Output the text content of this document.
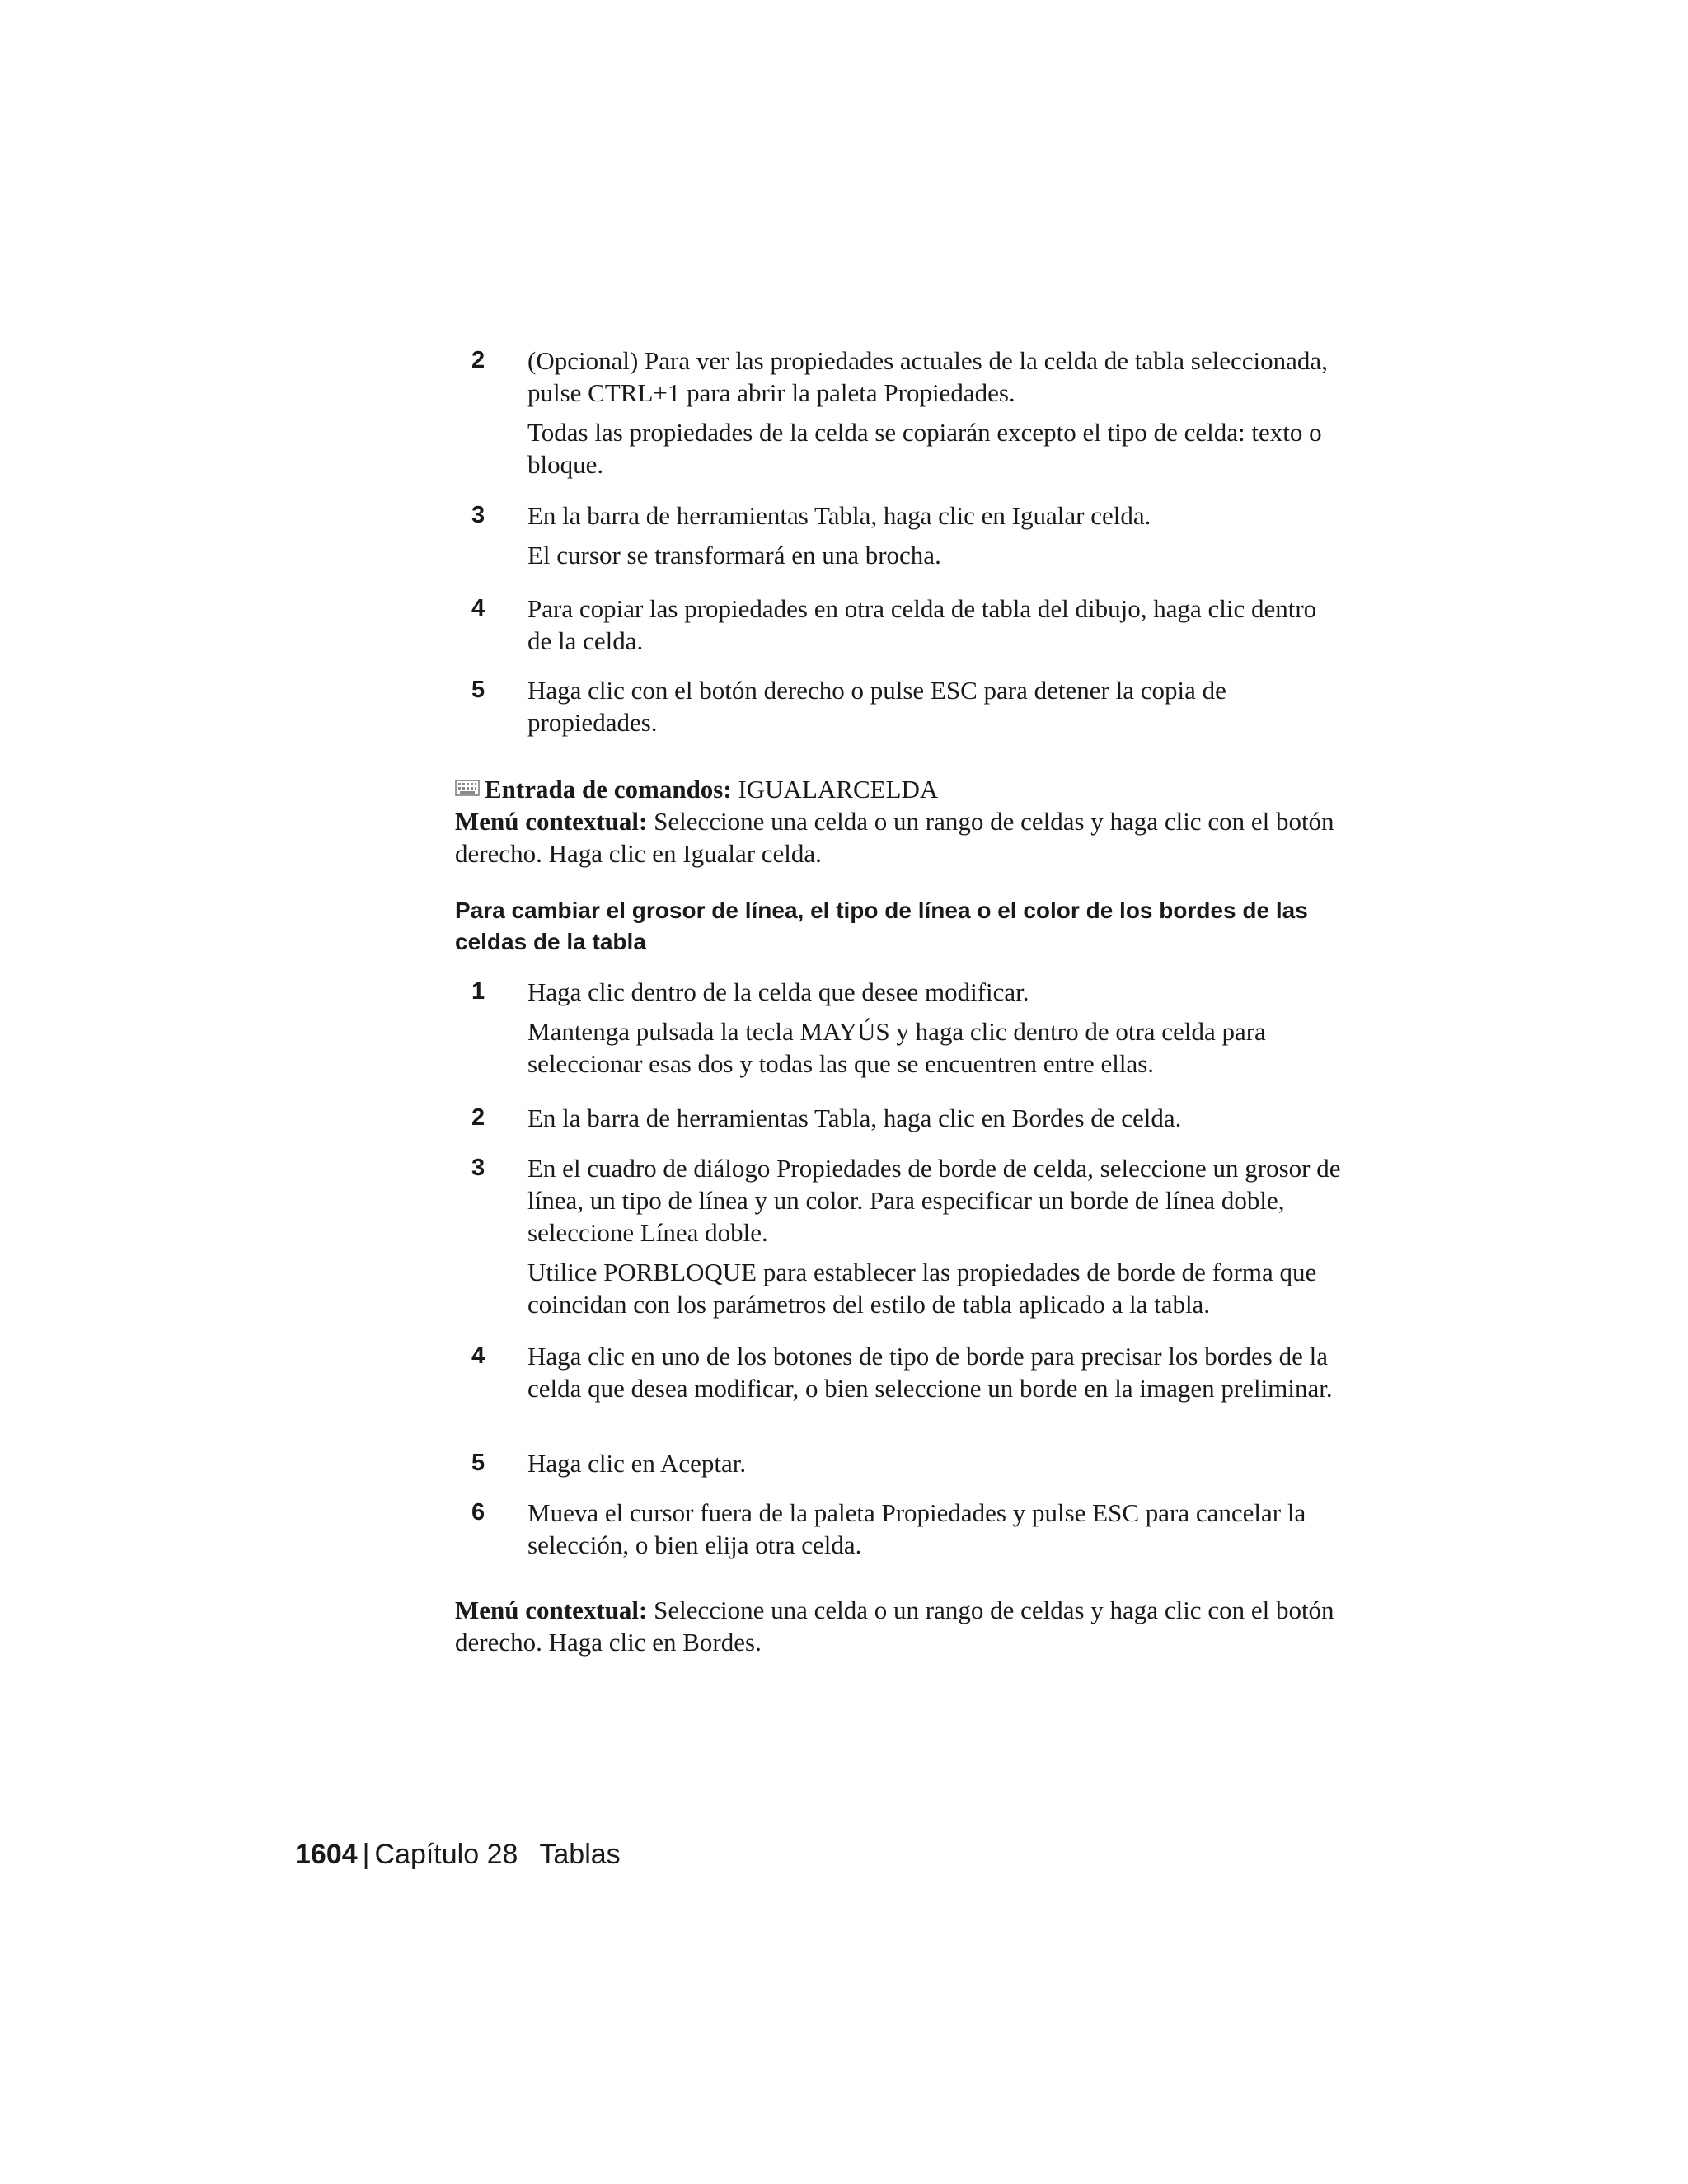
2	(Opcional) Para ver las propiedades actuales de la celda de tabla seleccionada, pulse CTRL+1 para abrir la paleta Propiedades.
Todas las propiedades de la celda se copiarán excepto el tipo de celda: texto o bloque.
3	En la barra de herramientas Tabla, haga clic en Igualar celda.
El cursor se transformará en una brocha.
4	Para copiar las propiedades en otra celda de tabla del dibujo, haga clic dentro de la celda.
5	Haga clic con el botón derecho o pulse ESC para detener la copia de propiedades.
Entrada de comandos: IGUALARCELDA
Menú contextual: Seleccione una celda o un rango de celdas y haga clic con el botón derecho. Haga clic en Igualar celda.
Para cambiar el grosor de línea, el tipo de línea o el color de los bordes de las celdas de la tabla
1	Haga clic dentro de la celda que desee modificar.
Mantenga pulsada la tecla MAYÚS y haga clic dentro de otra celda para seleccionar esas dos y todas las que se encuentren entre ellas.
2	En la barra de herramientas Tabla, haga clic en Bordes de celda.
3	En el cuadro de diálogo Propiedades de borde de celda, seleccione un grosor de línea, un tipo de línea y un color. Para especificar un borde de línea doble, seleccione Línea doble.
Utilice PORBLOQUE para establecer las propiedades de borde de forma que coincidan con los parámetros del estilo de tabla aplicado a la tabla.
4	Haga clic en uno de los botones de tipo de borde para precisar los bordes de la celda que desea modificar, o bien seleccione un borde en la imagen preliminar.
5	Haga clic en Aceptar.
6	Mueva el cursor fuera de la paleta Propiedades y pulse ESC para cancelar la selección, o bien elija otra celda.
Menú contextual: Seleccione una celda o un rango de celdas y haga clic con el botón derecho. Haga clic en Bordes.
1604 | Capítulo 28 Tablas
